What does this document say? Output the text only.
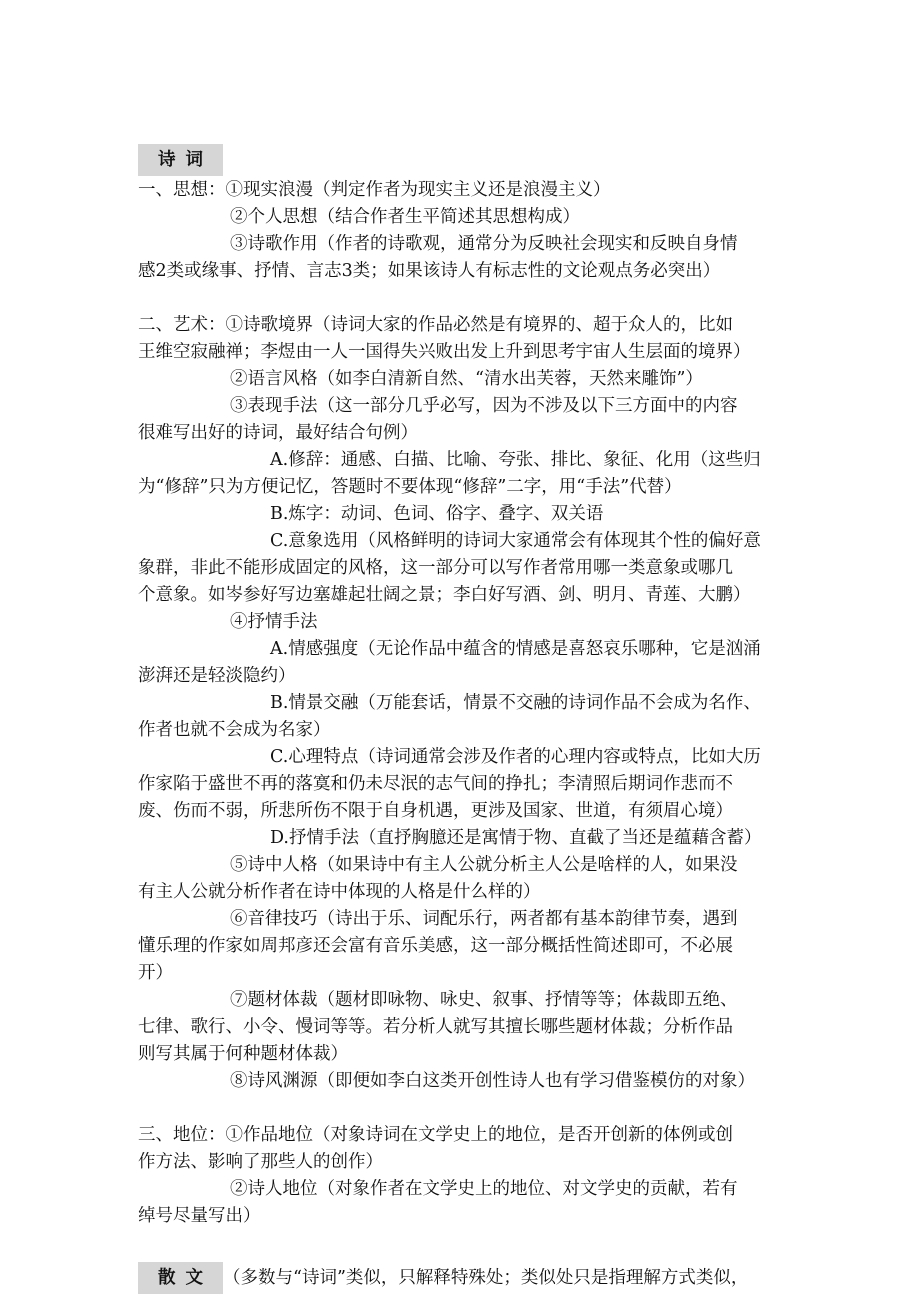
诗词
一、思想：①现实浪漫（判定作者为现实主义还是浪漫主义）
②个人思想（结合作者生平简述其思想构成）
③诗歌作用（作者的诗歌观，通常分为反映社会现实和反映自身情
感2类或缘事、抒情、言志3类；如果该诗人有标志性的文论观点务必突出）
二、艺术：①诗歌境界（诗词大家的作品必然是有境界的、超于众人的，比如
王维空寂融禅；李煜由一人一国得失兴败出发上升到思考宇宙人生层面的境界）
②语言风格（如李白清新自然、“清水出芙蓉，天然来雕饰”）
③表现手法（这一部分几乎必写，因为不涉及以下三方面中的内容
很难写出好的诗词，最好结合句例）
A.修辞：通感、白描、比喻、夸张、排比、象征、化用（这些归
为“修辞”只为方便记忆，答题时不要体现“修辞”二字，用“手法”代替）
B.炼字：动词、色词、俗字、叠字、双关语
C.意象选用（风格鲜明的诗词大家通常会有体现其个性的偏好意
象群，非此不能形成固定的风格，这一部分可以写作者常用哪一类意象或哪几
个意象。如岑参好写边塞雄起壮阔之景；李白好写酒、剑、明月、青莲、大鹏）
④抒情手法
A.情感强度（无论作品中蕴含的情感是喜怒哀乐哪种，它是汹涌
澎湃还是轻淡隐约）
B.情景交融（万能套话，情景不交融的诗词作品不会成为名作、
作者也就不会成为名家）
C.心理特点（诗词通常会涉及作者的心理内容或特点，比如大历
作家陷于盛世不再的落寞和仍未尽泯的志气间的挣扎；李清照后期词作悲而不
废、伤而不弱，所悲所伤不限于自身机遇，更涉及国家、世道，有须眉心境）
D.抒情手法（直抒胸臆还是寓情于物、直截了当还是蕴藉含蓄）
⑤诗中人格（如果诗中有主人公就分析主人公是啥样的人，如果没
有主人公就分析作者在诗中体现的人格是什么样的）
⑥音律技巧（诗出于乐、词配乐行，两者都有基本韵律节奏，遇到
懂乐理的作家如周邦彦还会富有音乐美感，这一部分概括性简述即可，不必展
开）
⑦题材体裁（题材即咏物、咏史、叙事、抒情等等；体裁即五绝、
七律、歌行、小令、慢词等等。若分析人就写其擅长哪些题材体裁；分析作品
则写其属于何种题材体裁）
⑧诗风渊源（即便如李白这类开创性诗人也有学习借鉴模仿的对象）
三、地位：①作品地位（对象诗词在文学史上的地位，是否开创新的体例或创
作方法、影响了那些人的创作）
②诗人地位（对象作者在文学史上的地位、对文学史的贡献，若有
绰号尽量写出）
散文 （多数与“诗词”类似，只解释特殊处；类似处只是指理解方式类似，
